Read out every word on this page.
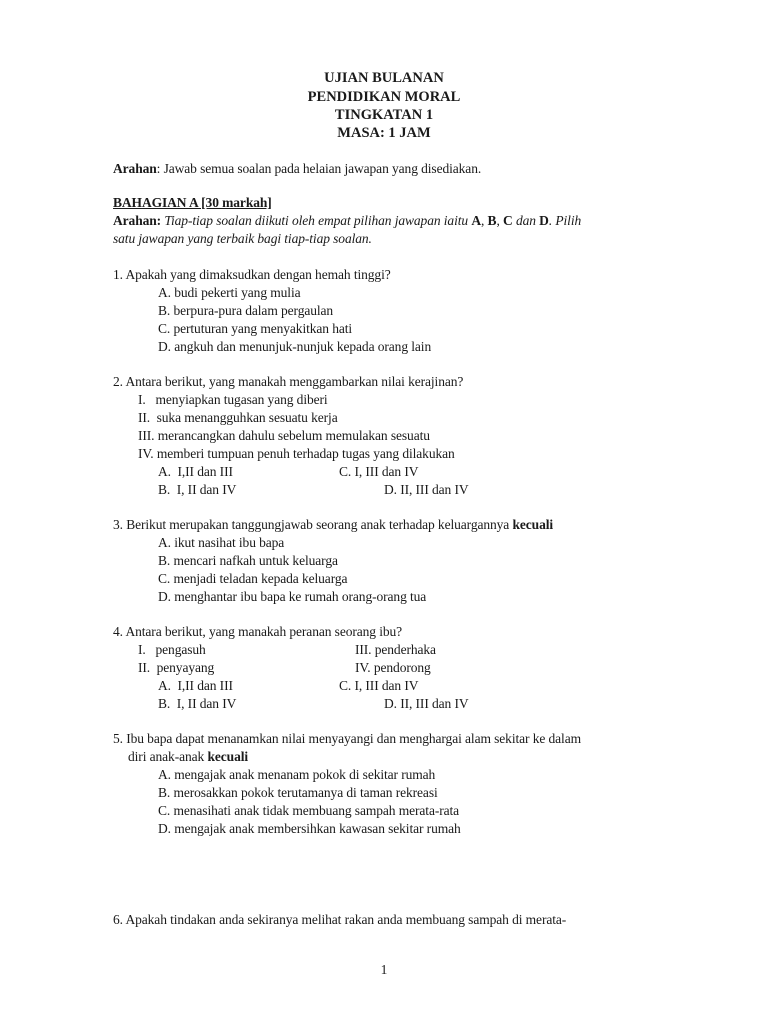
UJIAN BULANAN
PENDIDIKAN MORAL
TINGKATAN 1
MASA: 1 JAM
Arahan: Jawab semua soalan pada helaian jawapan yang disediakan.
BAHAGIAN A [30 markah]
Arahan: Tiap-tiap soalan diikuti oleh empat pilihan jawapan iaitu A, B, C dan D. Pilih
satu jawapan yang terbaik bagi tiap-tiap soalan.
1. Apakah yang dimaksudkan dengan hemah tinggi?
A. budi pekerti yang mulia
B. berpura-pura dalam pergaulan
C. pertuturan yang menyakitkan hati
D. angkuh dan menunjuk-nunjuk kepada orang lain
2. Antara berikut, yang manakah menggambarkan nilai kerajinan?
I.   menyiapkan tugasan yang diberi
II.  suka menangguhkan sesuatu kerja
III. merancangkan dahulu sebelum memulakan sesuatu
IV. memberi tumpuan penuh terhadap tugas yang dilakukan
A.  I,II dan III	C. I, III dan IV
B.  I, II dan IV	D. II, III dan IV
3. Berikut merupakan tanggungjawab seorang anak terhadap keluargannya kecuali
A. ikut nasihat ibu bapa
B. mencari nafkah untuk keluarga
C. menjadi teladan kepada keluarga
D. menghantar ibu bapa ke rumah orang-orang tua
4. Antara berikut, yang manakah peranan seorang ibu?
I.   pengasuh	III. penderhaka
II.  penyayang	IV. pendorong
A.  I,II dan III	C. I, III dan IV
B.  I, II dan IV	D. II, III dan IV
5. Ibu bapa dapat menanamkan nilai menyayangi dan menghargai alam sekitar ke dalam
diri anak-anak kecuali
A. mengajak anak menanam pokok di sekitar rumah
B. merosakkan pokok terutamanya di taman rekreasi
C. menasihati anak tidak membuang sampah merata-rata
D. mengajak anak membersihkan kawasan sekitar rumah
6. Apakah tindakan anda sekiranya melihat rakan anda membuang sampah di merata-
1
